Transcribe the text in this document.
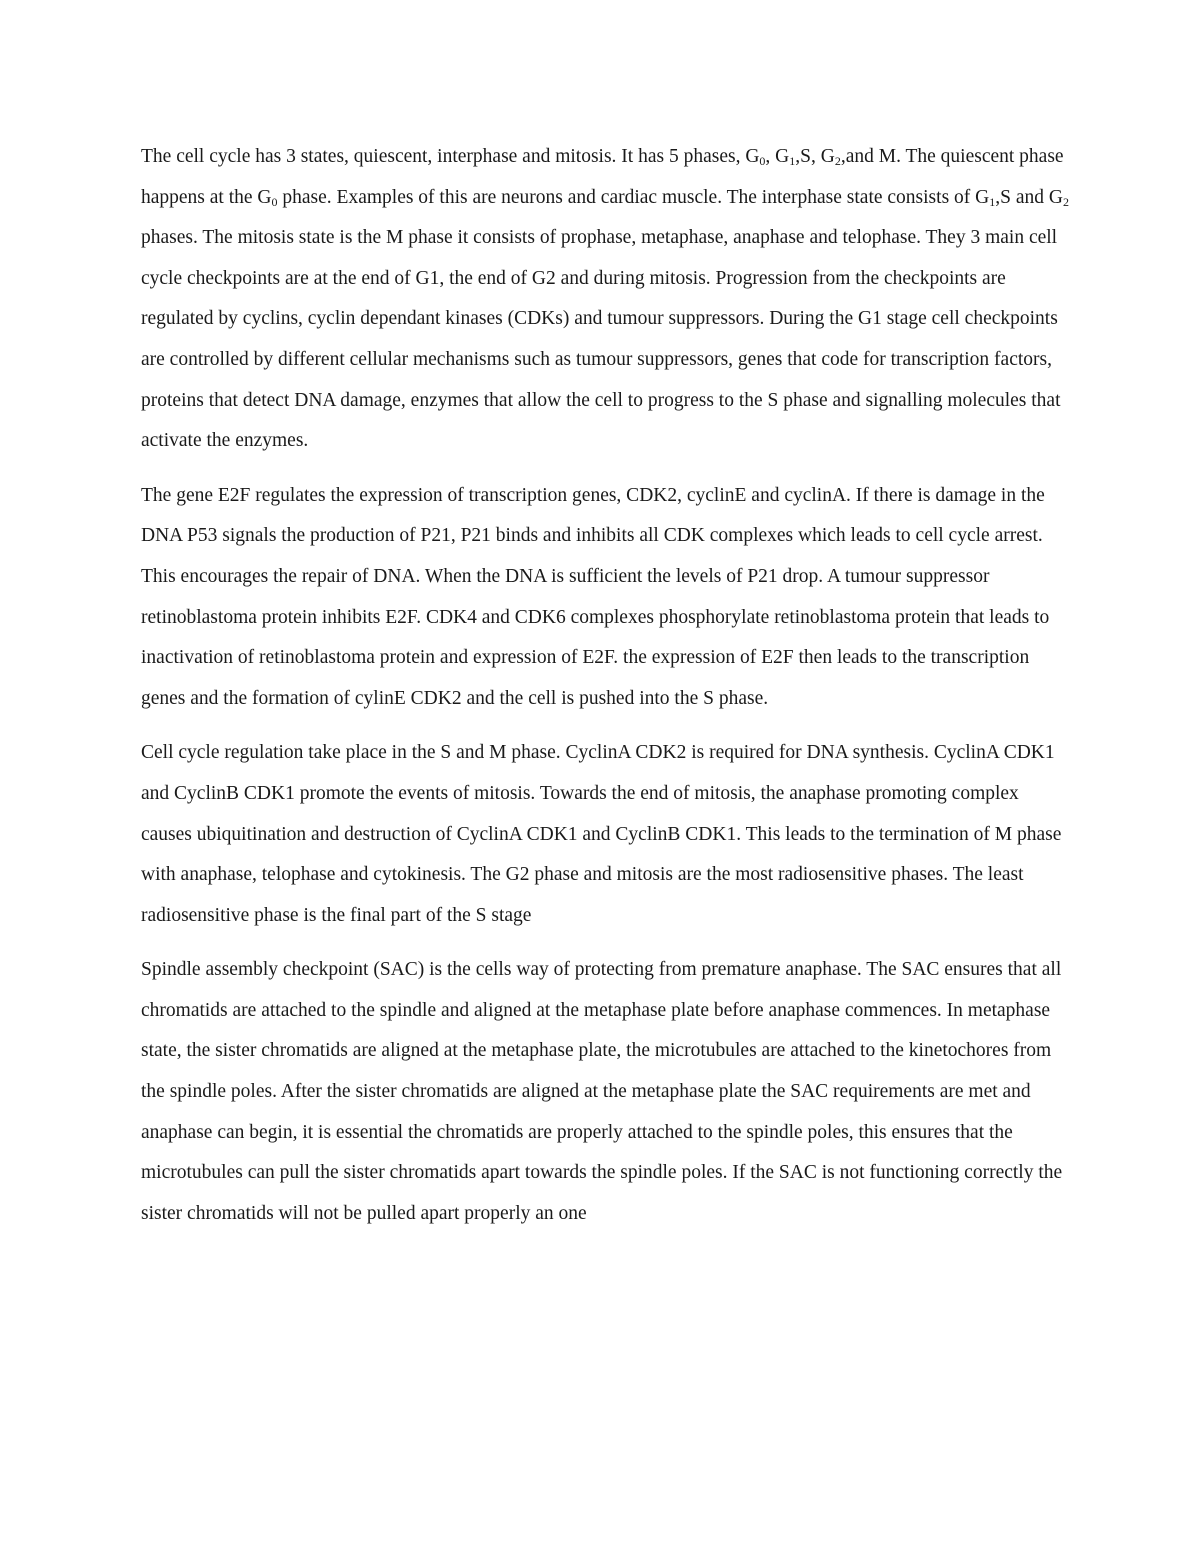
The cell cycle has 3 states, quiescent, interphase and mitosis. It has 5 phases, $G_0$, $G_1,S$, $G_2,and$ M. The quiescent phase happens at the $G_0$ phase. Examples of this are neurons and cardiac muscle. The interphase state consists of $G_1,S$ and $G_2$ phases. The mitosis state is the M phase it consists of prophase, metaphase, anaphase and telophase. They 3 main cell cycle checkpoints are at the end of G1, the end of G2 and during mitosis. Progression from the checkpoints are regulated by cyclins, cyclin dependant kinases (CDKs) and tumour suppressors. During the G1 stage cell checkpoints are controlled by different cellular mechanisms such as tumour suppressors, genes that code for transcription factors, proteins that detect DNA damage, enzymes that allow the cell to progress to the S phase and signalling molecules that activate the enzymes.

The gene E2F regulates the expression of transcription genes, CDK2, cyclinE and cyclinA. If there is damage in the DNA P53 signals the production of P21, P21 binds and inhibits all CDK complexes which leads to cell cycle arrest. This encourages the repair of DNA. When the DNA is sufficient the levels of P21 drop. A tumour suppressor retinoblastoma protein inhibits E2F. CDK4 and CDK6 complexes phosphorylate retinoblastoma protein that leads to inactivation of retinoblastoma protein and expression of E2F. the expression of E2F then leads to the transcription genes and the formation of cylinE CDK2 and the cell is pushed into the S phase.

Cell cycle regulation take place in the S and M phase. CyclinA CDK2 is required for DNA synthesis. CyclinA CDK1 and CyclinB CDK1 promote the events of mitosis. Towards the end of mitosis, the anaphase promoting complex causes ubiquitination and destruction of CyclinA CDK1 and CyclinB CDK1. This leads to the termination of M phase with anaphase, telophase and cytokinesis. The G2 phase and mitosis are the most radiosensitive phases. The least radiosensitive phase is the final part of the S stage

Spindle assembly checkpoint (SAC) is the cells way of protecting from premature anaphase. The SAC ensures that all chromatids are attached to the spindle and aligned at the metaphase plate before anaphase commences. In metaphase state, the sister chromatids are aligned at the metaphase plate, the microtubules are attached to the kinetochores from the spindle poles. After the sister chromatids are aligned at the metaphase plate the SAC requirements are met and anaphase can begin, it is essential the chromatids are properly attached to the spindle poles, this ensures that the microtubules can pull the sister chromatids apart towards the spindle poles. If the SAC is not functioning correctly the sister chromatids will not be pulled apart properly an one
